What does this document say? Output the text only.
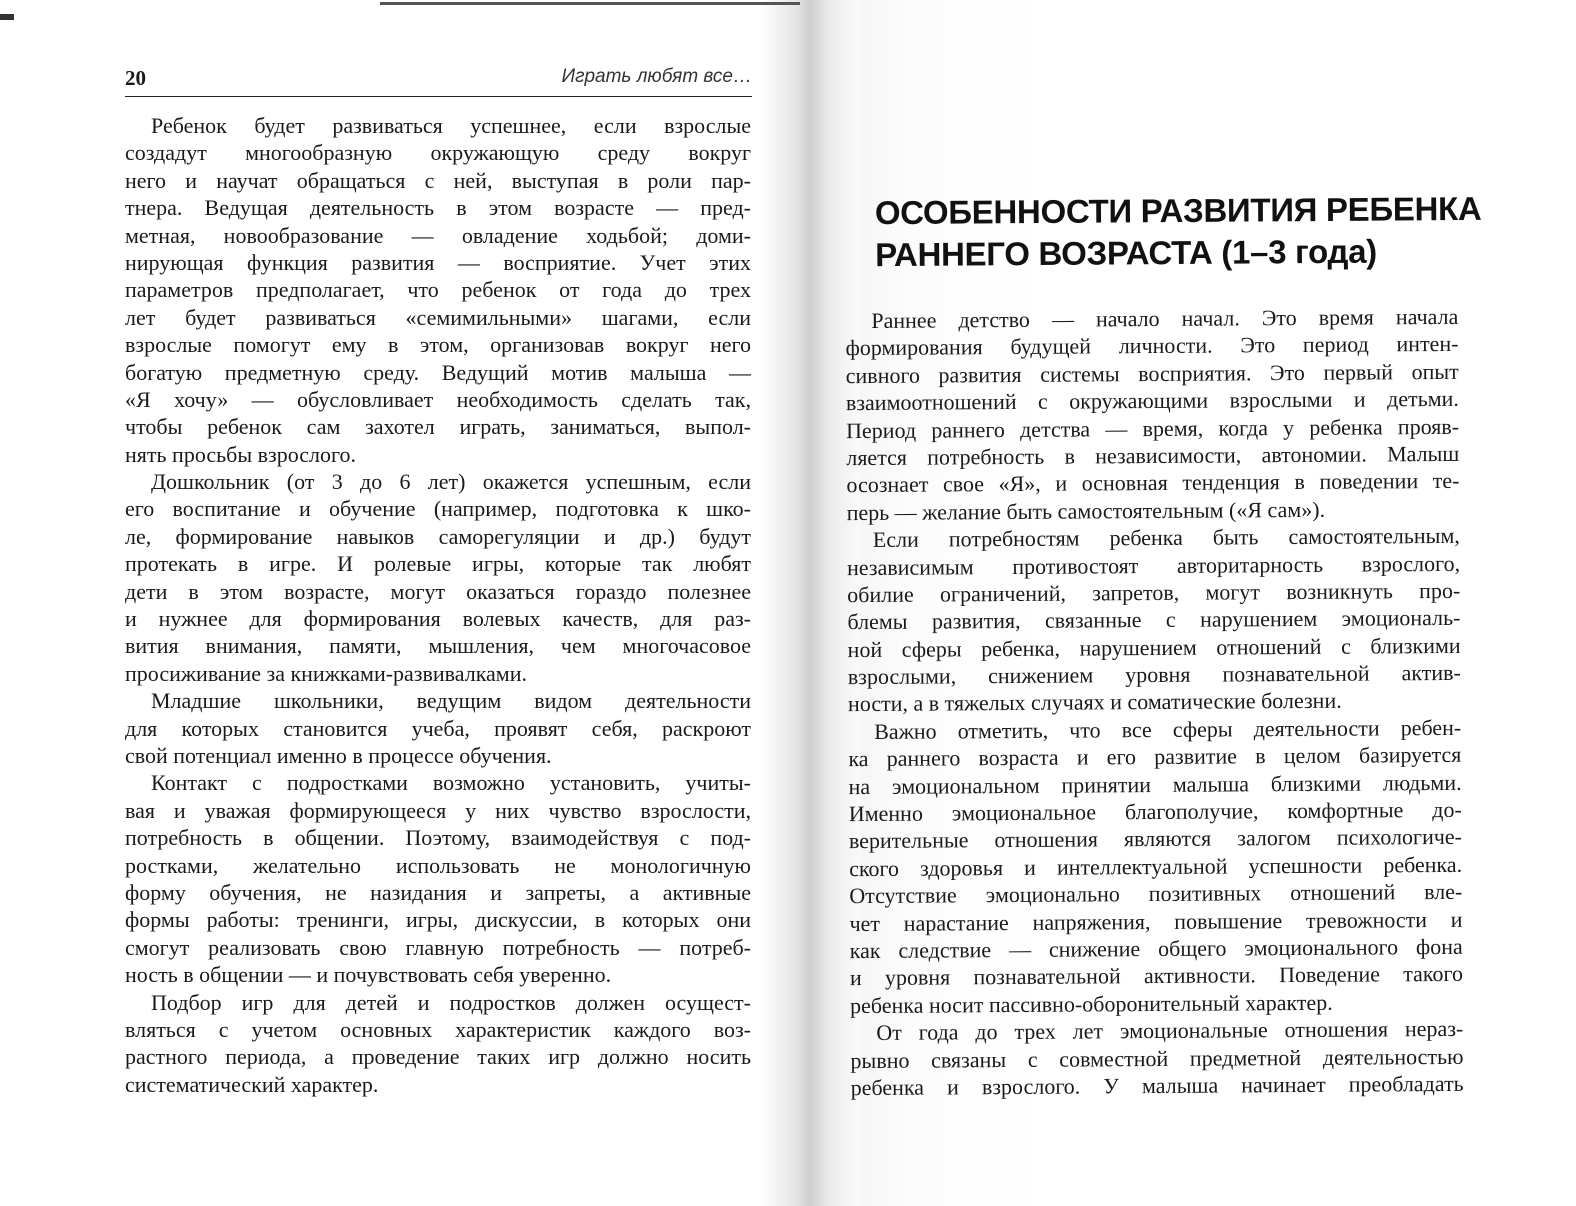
20	Играть любят все…
Ребенок будет развиваться успешнее, если взрослые
создадут многообразную окружающую среду вокруг
него и научат обращаться с ней, выступая в роли пар-
тнера. Ведущая деятельность в этом возрасте — пред-
метная, новообразование — овладение ходьбой; доми-
нирующая функция развития — восприятие. Учет этих
параметров предполагает, что ребенок от года до трех
лет будет развиваться «семимильными» шагами, если
взрослые помогут ему в этом, организовав вокруг него
богатую предметную среду. Ведущий мотив малыша —
«Я хочу» — обусловливает необходимость сделать так,
чтобы ребенок сам захотел играть, заниматься, выпол-
нять просьбы взрослого.
Дошкольник (от 3 до 6 лет) окажется успешным, если
его воспитание и обучение (например, подготовка к шко-
ле, формирование навыков саморегуляции и др.) будут
протекать в игре. И ролевые игры, которые так любят
дети в этом возрасте, могут оказаться гораздо полезнее
и нужнее для формирования волевых качеств, для раз-
вития внимания, памяти, мышления, чем многочасовое
просиживание за книжками-развивалками.
Младшие школьники, ведущим видом деятельности
для которых становится учеба, проявят себя, раскроют
свой потенциал именно в процессе обучения.
Контакт с подростками возможно установить, учиты-
вая и уважая формирующееся у них чувство взрослости,
потребность в общении. Поэтому, взаимодействуя с под-
ростками, желательно использовать не монологичную
форму обучения, не назидания и запреты, а активные
формы работы: тренинги, игры, дискуссии, в которых они
смогут реализовать свою главную потребность — потреб-
ность в общении — и почувствовать себя уверенно.
Подбор игр для детей и подростков должен осущест-
вляться с учетом основных характеристик каждого воз-
растного периода, а проведение таких игр должно носить
систематический характер.
ОСОБЕННОСТИ РАЗВИТИЯ РЕБЕНКА
РАННЕГО ВОЗРАСТА (1–3 года)
Раннее детство — начало начал. Это время начала
формирования будущей личности. Это период интен-
сивного развития системы восприятия. Это первый опыт
взаимоотношений с окружающими взрослыми и детьми.
Период раннего детства — время, когда у ребенка прояв-
ляется потребность в независимости, автономии. Малыш
осознает свое «Я», и основная тенденция в поведении те-
перь — желание быть самостоятельным («Я сам»).
Если потребностям ребенка быть самостоятельным,
независимым противостоят авторитарность взрослого,
обилие ограничений, запретов, могут возникнуть про-
блемы развития, связанные с нарушением эмоциональ-
ной сферы ребенка, нарушением отношений с близкими
взрослыми, снижением уровня познавательной актив-
ности, а в тяжелых случаях и соматические болезни.
Важно отметить, что все сферы деятельности ребен-
ка раннего возраста и его развитие в целом базируется
на эмоциональном принятии малыша близкими людьми.
Именно эмоциональное благополучие, комфортные до-
верительные отношения являются залогом психологиче-
ского здоровья и интеллектуальной успешности ребенка.
Отсутствие эмоционально позитивных отношений вле-
чет нарастание напряжения, повышение тревожности и
как следствие — снижение общего эмоционального фона
и уровня познавательной активности. Поведение такого
ребенка носит пассивно-оборонительный характер.
От года до трех лет эмоциональные отношения нераз-
рывно связаны с совместной предметной деятельностью
ребенка и взрослого. У малыша начинает преобладать
